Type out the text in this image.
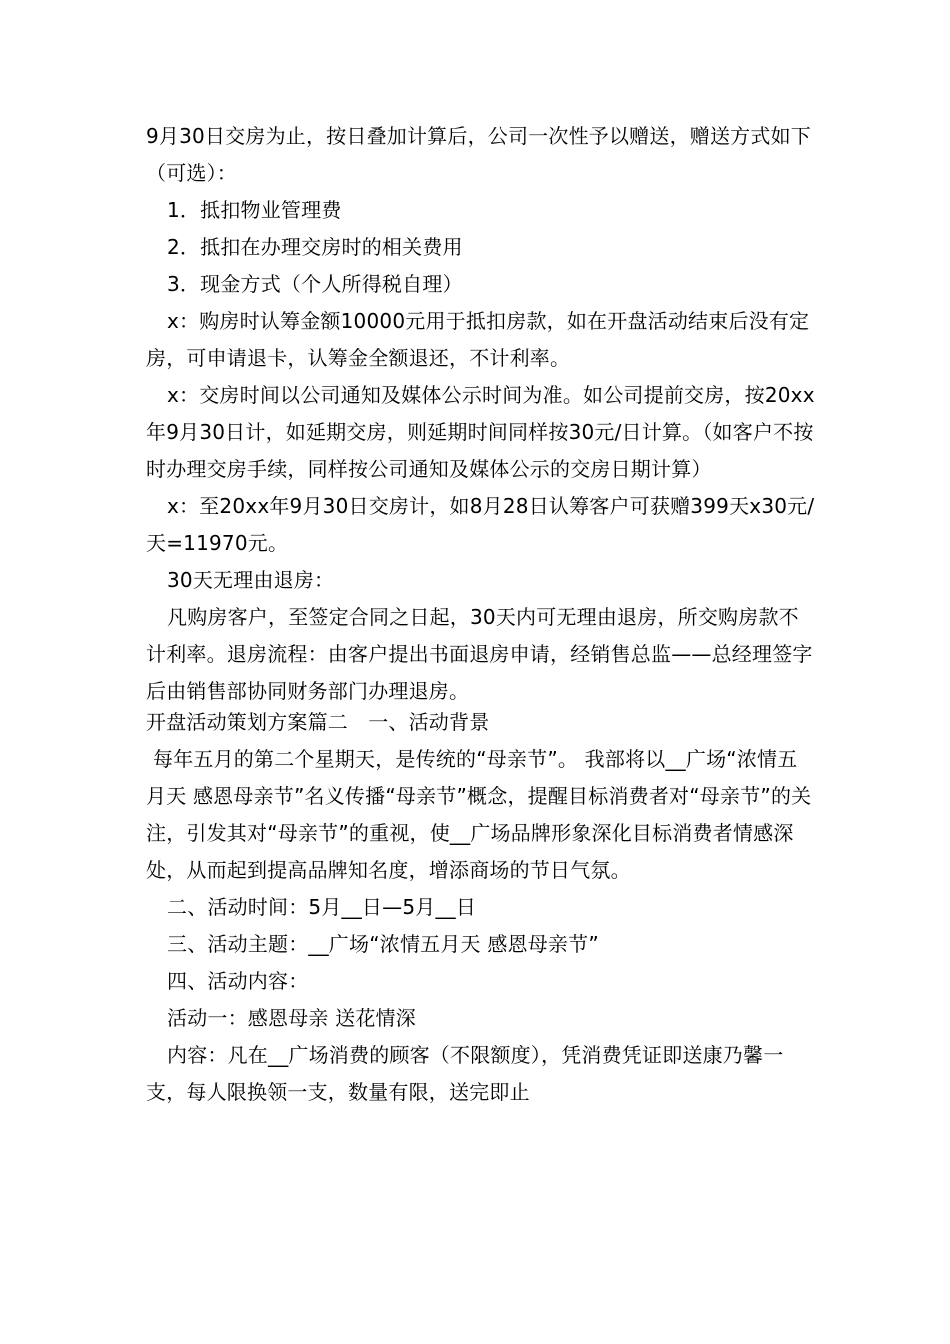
9月30日交房为止，按日叠加计算后，公司一次性予以赠送，赠送方式如下（可选）：

1．抵扣物业管理费

2．抵扣在办理交房时的相关费用

3．现金方式（个人所得税自理）

x：购房时认筹金额10000元用于抵扣房款，如在开盘活动结束后没有定房，可申请退卡，认筹金全额退还，不计利率。

x：交房时间以公司通知及媒体公示时间为准。如公司提前交房，按20xx年9月30日计，如延期交房，则延期时间同样按30元/日计算。（如客户不按时办理交房手续，同样按公司通知及媒体公示的交房日期计算）

x：至20xx年9月30日交房计，如8月28日认筹客户可获赠399天x30元/天=11970元。

30天无理由退房：

凡购房客户，至签定合同之日起，30天内可无理由退房，所交购房款不计利率。退房流程：由客户提出书面退房申请，经销售总监——总经理签字后由销售部协同财务部门办理退房。

开盘活动策划方案篇二　一、活动背景

每年五月的第二个星期天，是传统的“母亲节”。 我部将以__广场“浓情五月天 感恩母亲节”名义传播“母亲节”概念，提醒目标消费者对“母亲节”的关注，引发其对“母亲节”的重视，使__广场品牌形象深化目标消费者情感深处，从而起到提高品牌知名度，增添商场的节日气氛。

二、活动时间：5月__日—5月__日

三、活动主题：__广场“浓情五月天 感恩母亲节”

四、活动内容：

活动一：感恩母亲 送花情深

内容：凡在__广场消费的顾客（不限额度），凭消费凭证即送康乃馨一支，每人限换领一支，数量有限，送完即止
